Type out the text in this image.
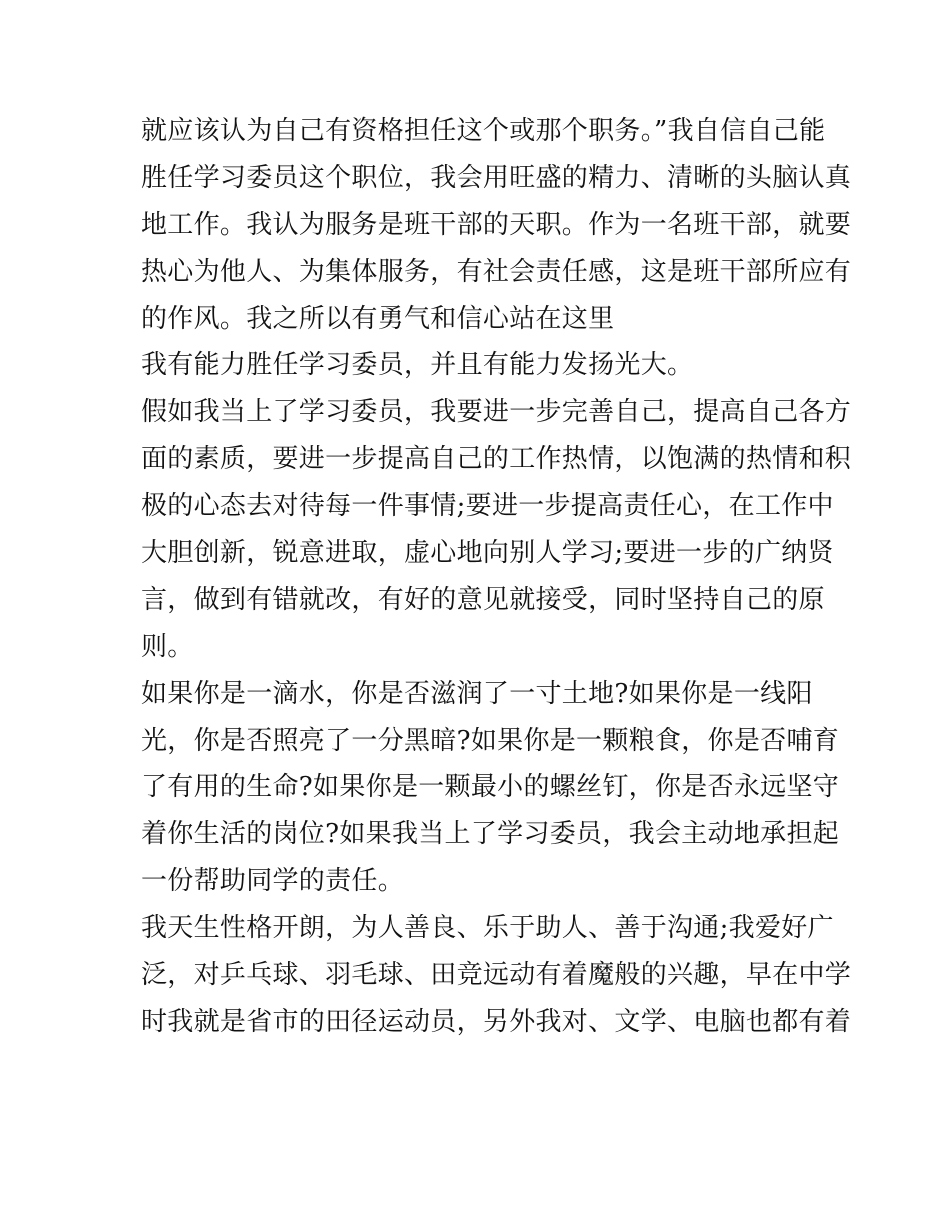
就应该认为自己有资格担任这个或那个职务。”我自信自己能
胜任学习委员这个职位，我会用旺盛的精力、清晰的头脑认真
地工作。我认为服务是班干部的天职。作为一名班干部，就要
热心为他人、为集体服务，有社会责任感，这是班干部所应有
的作风。我之所以有勇气和信心站在这里
我有能力胜任学习委员，并且有能力发扬光大。
假如我当上了学习委员，我要进一步完善自己，提高自己各方
面的素质，要进一步提高自己的工作热情，以饱满的热情和积
极的心态去对待每一件事情;要进一步提高责任心，在工作中
大胆创新，锐意进取，虚心地向别人学习;要进一步的广纳贤
言，做到有错就改，有好的意见就接受，同时坚持自己的原
则。
如果你是一滴水，你是否滋润了一寸土地?如果你是一线阳
光，你是否照亮了一分黑暗?如果你是一颗粮食，你是否哺育
了有用的生命?如果你是一颗最小的螺丝钉，你是否永远坚守
着你生活的岗位?如果我当上了学习委员，我会主动地承担起
一份帮助同学的责任。
我天生性格开朗，为人善良、乐于助人、善于沟通;我爱好广
泛，对乒乓球、羽毛球、田竞远动有着魔般的兴趣，早在中学
时我就是省市的田径运动员，另外我对、文学、电脑也都有着
